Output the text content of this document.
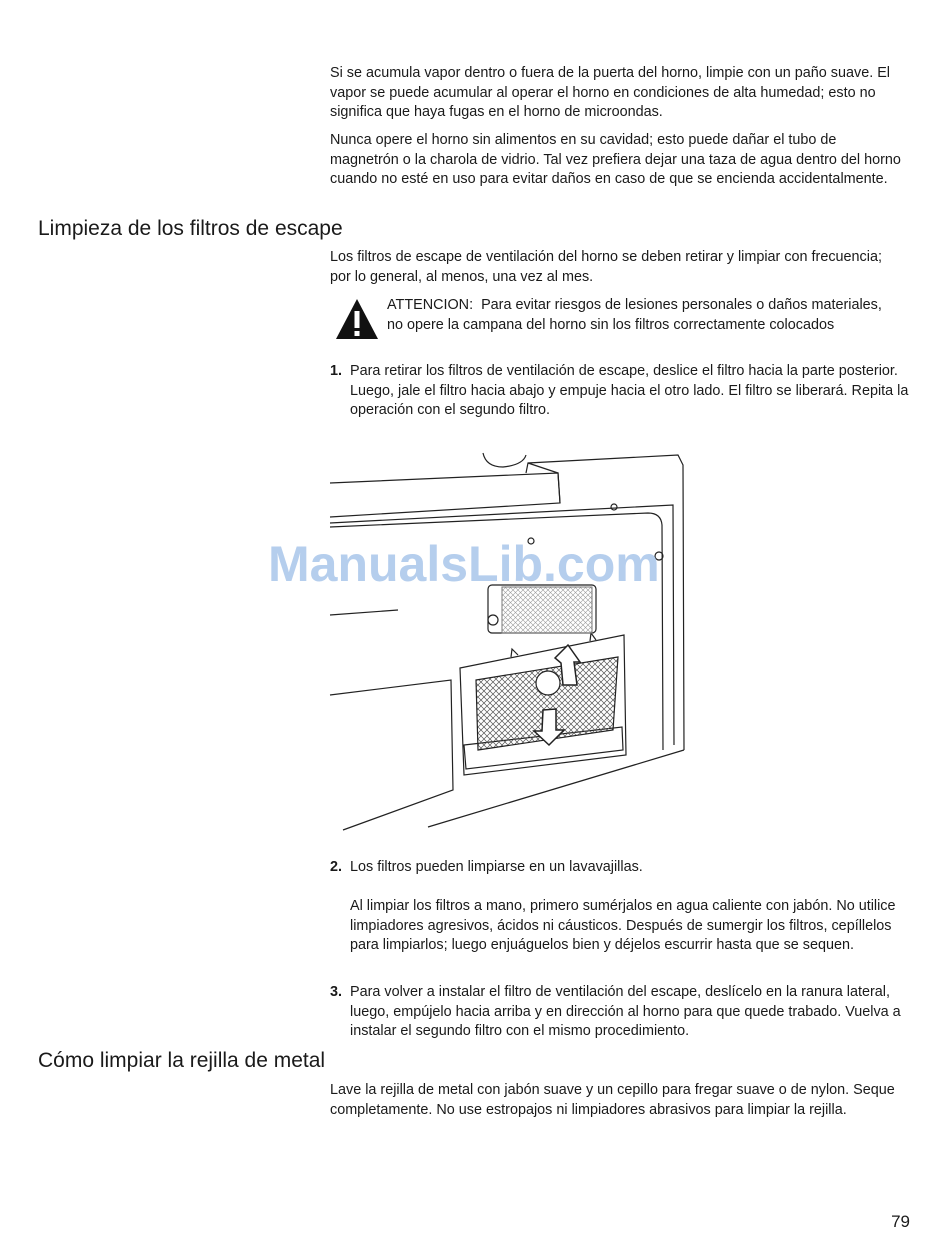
Si se acumula vapor dentro o fuera de la puerta del horno, limpie con un paño suave. El vapor se puede acumular al operar el horno en condiciones de alta humedad; esto no significa que haya fugas en el horno de microondas.

Nunca opere el horno sin alimentos en su cavidad; esto puede dañar el tubo de magnetrón o la charola de vidrio. Tal vez prefiera dejar una taza de agua dentro del horno cuando no esté en uso para evitar daños en caso de que se encienda accidentalmente.

Limpieza de los filtros de escape

Los filtros de escape de ventilación del horno se deben retirar y limpiar con frecuencia; por lo general, al menos, una vez al mes.

ATTENCION: Para evitar riesgos de lesiones personales o daños materiales, no opere la campana del horno sin los filtros correctamente colocados

1. Para retirar los filtros de ventilación de escape, deslice el filtro hacia la parte posterior. Luego, jale el filtro hacia abajo y empuje hacia el otro lado. El filtro se liberará. Repita la operación con el segundo filtro.

ManualsLib.com
2. Los filtros pueden limpiarse en un lavavajillas.

Al limpiar los filtros a mano, primero sumérjalos en agua caliente con jabón. No utilice limpiadores agresivos, ácidos ni cáusticos. Después de sumergir los filtros, cepíllelos para limpiarlos; luego enjuáguelos bien y déjelos escurrir hasta que se sequen.

3. Para volver a instalar el filtro de ventilación del escape, deslícelo en la ranura lateral, luego, empújelo hacia arriba y en dirección al horno para que quede trabado. Vuelva a instalar el segundo filtro con el mismo procedimiento.

Cómo limpiar la rejilla de metal

Lave la rejilla de metal con jabón suave y un cepillo para fregar suave o de nylon. Seque completamente. No use estropajos ni limpiadores abrasivos para limpiar la rejilla.

79
